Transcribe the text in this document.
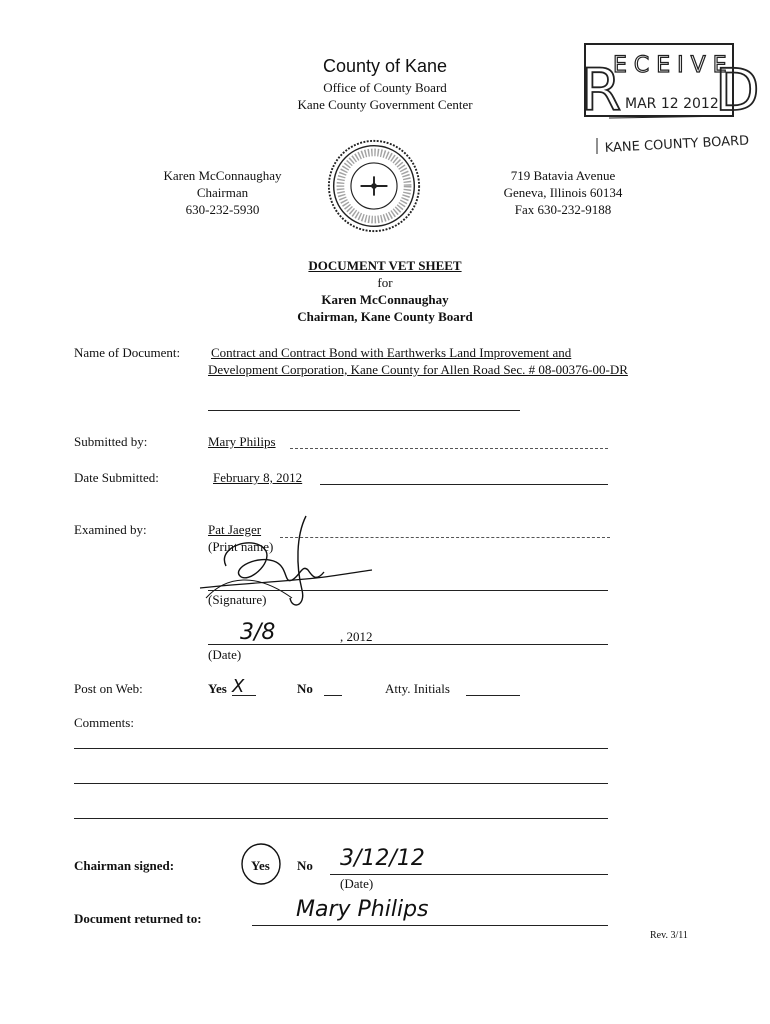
County of Kane
Office of County Board
Kane County Government Center
Karen McConnaughay
Chairman
630-232-5930
719 Batavia Avenue
Geneva, Illinois 60134
Fax 630-232-9188
R D
ECEIVE
MAR 12 2012
KANE COUNTY BOARD
DOCUMENT VET SHEET
for
Karen McConnaughay
Chairman, Kane County Board
Name of Document: Contract and Contract Bond with Earthwerks Land Improvement and
Development Corporation, Kane County for Allen Road Sec. # 08-00376-00-DR
Submitted by:	Mary Philips
Date Submitted:	February 8, 2012
Examined by:	Pat Jaeger
(Print name)
(Signature)
3/8	, 2012
(Date)
Post on Web:	Yes X	No	Atty. Initials
Comments:
Chairman signed:	Yes No 3/12/12
(Date)
Document returned to:	Mary Philips
Rev. 3/11
